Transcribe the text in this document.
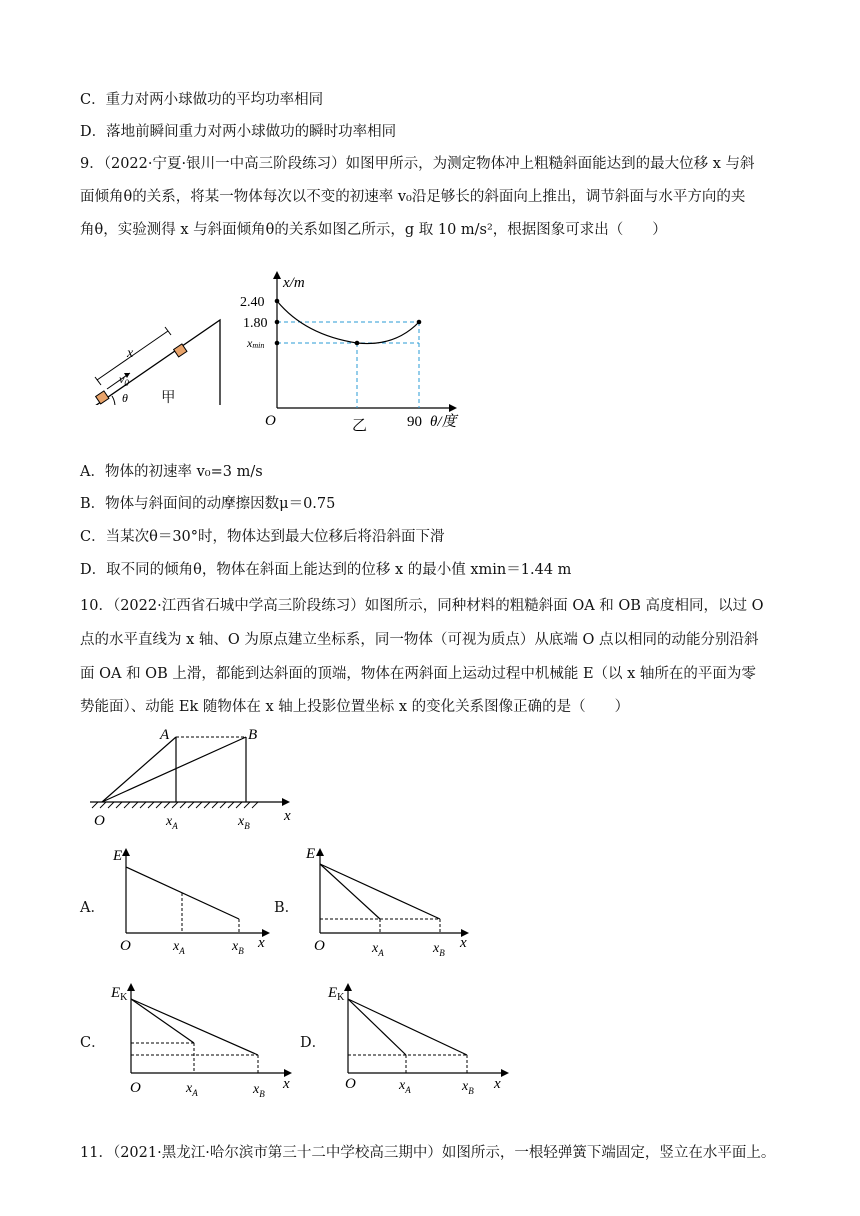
C．重力对两小球做功的平均功率相同
D．落地前瞬间重力对两小球做功的瞬时功率相同
9．（2022·宁夏·银川一中高三阶段练习）如图甲所示，为测定物体冲上粗糙斜面能达到的最大位移 x 与斜
面倾角θ的关系，将某一物体每次以不变的初速率 v₀沿足够长的斜面向上推出，调节斜面与水平方向的夹
角θ，实验测得 x 与斜面倾角θ的关系如图乙所示，g 取 10 m/s²，根据图象可求出（　　）
x
$v_0$
θ 甲
x/m
2.40
1.80
xmin
O	乙	90 θ/度
A．物体的初速率 v₀=3 m/s
B．物体与斜面间的动摩擦因数μ＝0.75
C．当某次θ＝30°时，物体达到最大位移后将沿斜面下滑
D．取不同的倾角θ，物体在斜面上能达到的位移 x 的最小值 xmin＝1.44 m
10．（2022·江西省石城中学高三阶段练习）如图所示，同种材料的粗糙斜面 OA 和 OB 高度相同，以过 O
点的水平直线为 x 轴、O 为原点建立坐标系，同一物体（可视为质点）从底端 O 点以相同的动能分别沿斜
面 OA 和 OB 上滑，都能到达斜面的顶端，物体在两斜面上运动过程中机械能 E（以 x 轴所在的平面为零
势能面）、动能 Ek 随物体在 x 轴上投影位置坐标 x 的变化关系图像正确的是（　　）
A	B
O	$x_A$	$x_B$
x
A．
E
O	$x_A$	$x_B$ x
B．
E
O	$x_A$	$x_B$
x
C．
$E_K$
O	$x_A$	$x_B$
x
D．
$E_K$
O	$x_A$	$x_B$ x
11．（2021·黑龙江·哈尔滨市第三十二中学校高三期中）如图所示，一根轻弹簧下端固定，竖立在水平面上。
